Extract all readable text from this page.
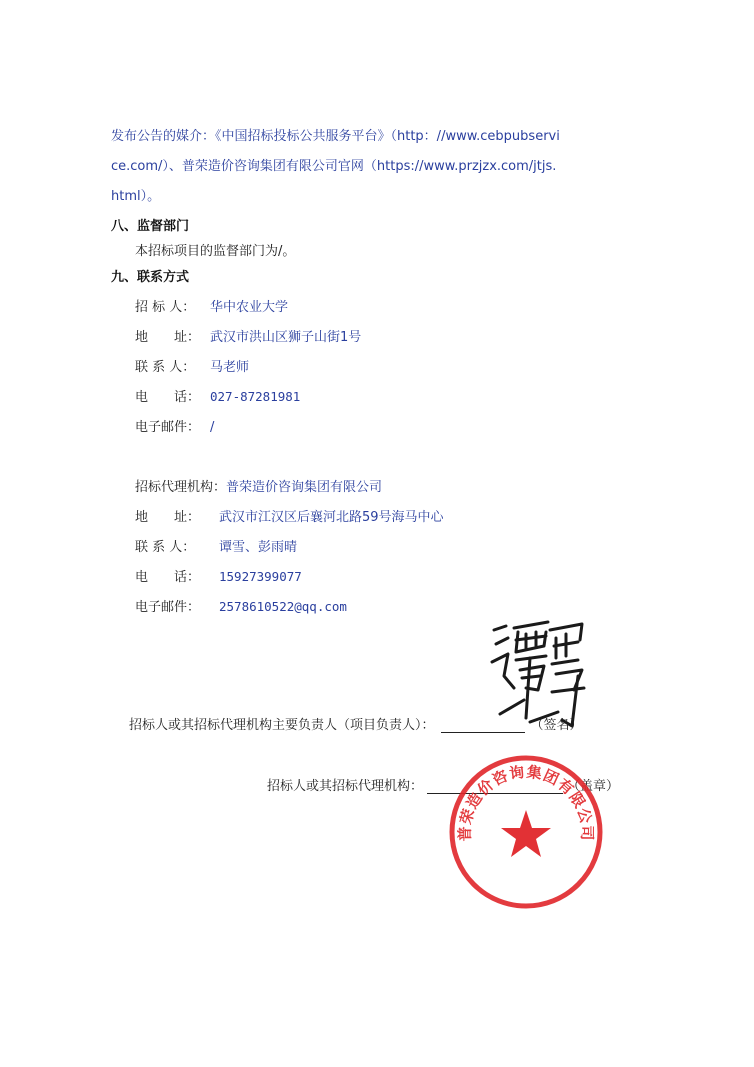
发布公告的媒介：《中国招标投标公共服务平台》（http：//www.cebpubservi
ce.com/）、普荣造价咨询集团有限公司官网（https://www.przjzx.com/jtjs.
html）。
八、监督部门
本招标项目的监督部门为/。
九、联系方式
招 标 人： 华中农业大学
地　　址： 武汉市洪山区狮子山街1号
联 系 人： 马老师
电　　话： 027-87281981
电子邮件： /
招标代理机构：普荣造价咨询集团有限公司
地　　址： 武汉市江汉区后襄河北路59号海马中心
联 系 人： 谭雪、彭雨晴
电　　话： 15927399077
电子邮件： 2578610522@qq.com
招标人或其招标代理机构主要负责人（项目负责人）：	（签名）
招标人或其招标代理机构：	（盖章）
普荣造价咨询集团有限公司
